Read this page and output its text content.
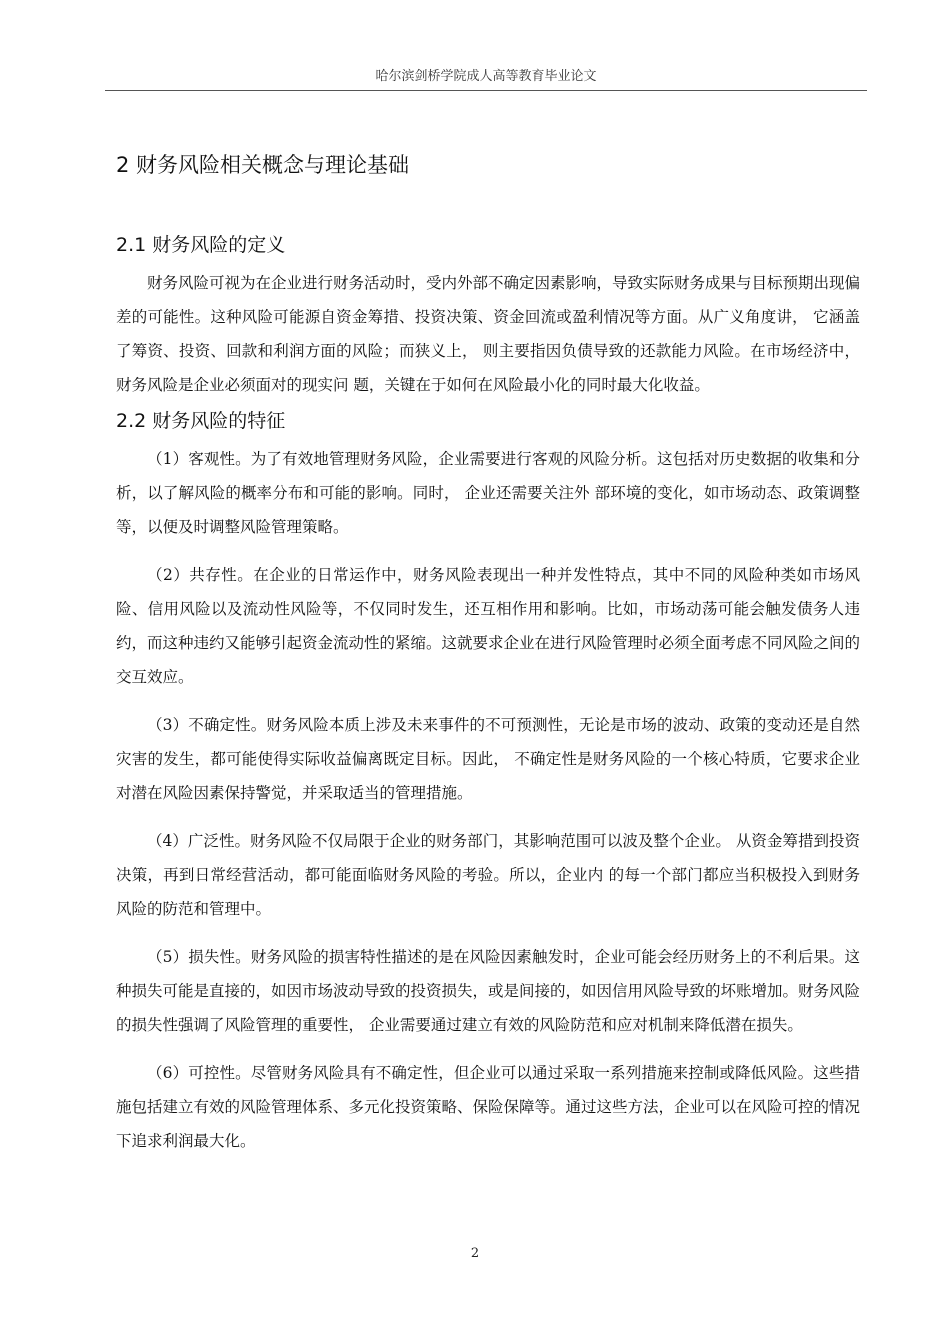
哈尔滨剑桥学院成人高等教育毕业论文
2 财务风险相关概念与理论基础
2.1 财务风险的定义

财务风险可视为在企业进行财务活动时，受内外部不确定因素影响，导致实际财务成果与目标预期出现偏差的可能性。这种风险可能源自资金筹措、投资决策、资金回流或盈利情况等方面。从广义角度讲， 它涵盖了筹资、投资、回款和利润方面的风险；而狭义上， 则主要指因负债导致的还款能力风险。在市场经济中， 财务风险是企业必须面对的现实问 题，关键在于如何在风险最小化的同时最大化收益。

2.2 财务风险的特征

（1）客观性。为了有效地管理财务风险，企业需要进行客观的风险分析。这包括对历史数据的收集和分析，以了解风险的概率分布和可能的影响。同时， 企业还需要关注外 部环境的变化，如市场动态、政策调整等，以便及时调整风险管理策略。

（2）共存性。在企业的日常运作中，财务风险表现出一种并发性特点，其中不同的风险种类如市场风险、信用风险以及流动性风险等，不仅同时发生，还互相作用和影响。比如，市场动荡可能会触发债务人违约，而这种违约又能够引起资金流动性的紧缩。这就要求企业在进行风险管理时必须全面考虑不同风险之间的交互效应。

（3）不确定性。财务风险本质上涉及未来事件的不可预测性，无论是市场的波动、政策的变动还是自然灾害的发生，都可能使得实际收益偏离既定目标。因此， 不确定性是财务风险的一个核心特质，它要求企业对潜在风险因素保持警觉，并采取适当的管理措施。

（4）广泛性。财务风险不仅局限于企业的财务部门，其影响范围可以波及整个企业。 从资金筹措到投资决策，再到日常经营活动，都可能面临财务风险的考验。所以，企业内 的每一个部门都应当积极投入到财务风险的防范和管理中。

（5）损失性。财务风险的损害特性描述的是在风险因素触发时，企业可能会经历财务上的不利后果。这种损失可能是直接的，如因市场波动导致的投资损失，或是间接的，如因信用风险导致的坏账增加。财务风险的损失性强调了风险管理的重要性， 企业需要通过建立有效的风险防范和应对机制来降低潜在损失。

（6）可控性。尽管财务风险具有不确定性，但企业可以通过采取一系列措施来控制或降低风险。这些措施包括建立有效的风险管理体系、多元化投资策略、保险保障等。通过这些方法，企业可以在风险可控的情况下追求利润最大化。

2
